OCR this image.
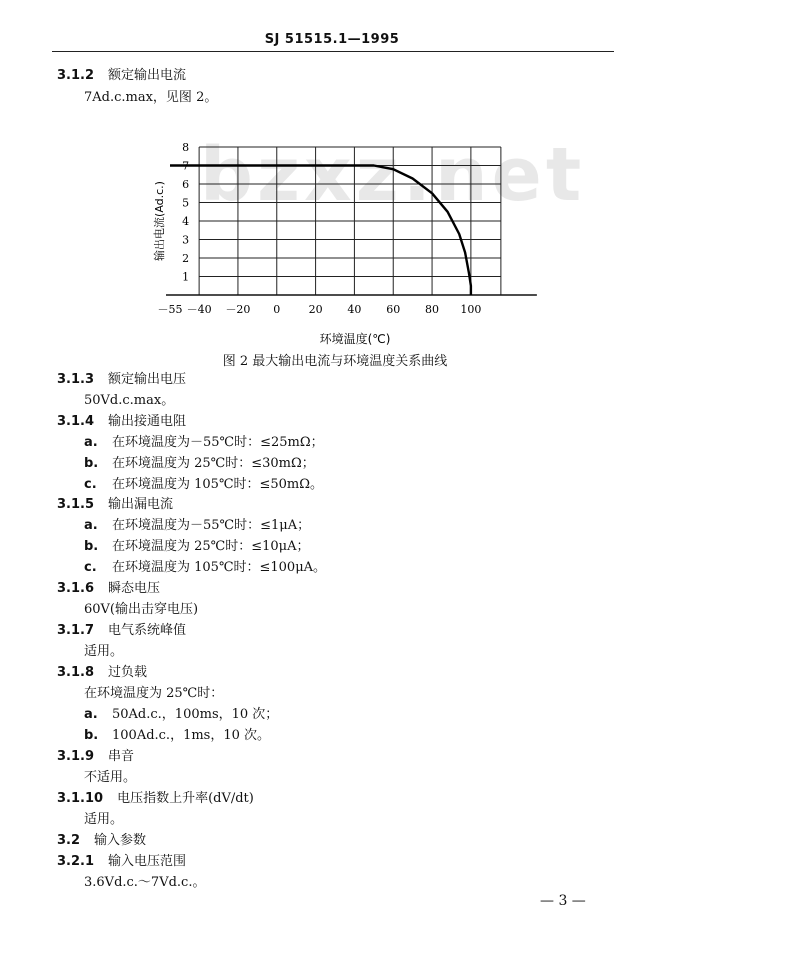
SJ 51515.1—1995
3.1.2 额定输出电流
7Ad.c.max，见图 2。
bzxz.net
1
2
3
4
5
6
7
8
－55 －40 －20 0	20 40 60 80 100
环境温度(℃)
输出电流(Ad.c.)
图 2 最大输出电流与环境温度关系曲线
3.1.3 额定输出电压
50Vd.c.max。
3.1.4 输出接通电阻
a. 在环境温度为－55℃时：≤25mΩ；
b. 在环境温度为 25℃时：≤30mΩ；
c. 在环境温度为 105℃时：≤50mΩ。
3.1.5 输出漏电流
a. 在环境温度为－55℃时：≤1μA；
b. 在环境温度为 25℃时：≤10μA；
c. 在环境温度为 105℃时：≤100μA。
3.1.6 瞬态电压
60V(输出击穿电压)
3.1.7 电气系统峰值
适用。
3.1.8 过负载
在环境温度为 25℃时：
a. 50Ad.c.，100ms，10 次；
b. 100Ad.c.，1ms，10 次。
3.1.9 串音
不适用。
3.1.10 电压指数上升率(dV/dt)
适用。
3.2 输入参数
3.2.1 输入电压范围
3.6Vd.c.～7Vd.c.。
— 3 —
